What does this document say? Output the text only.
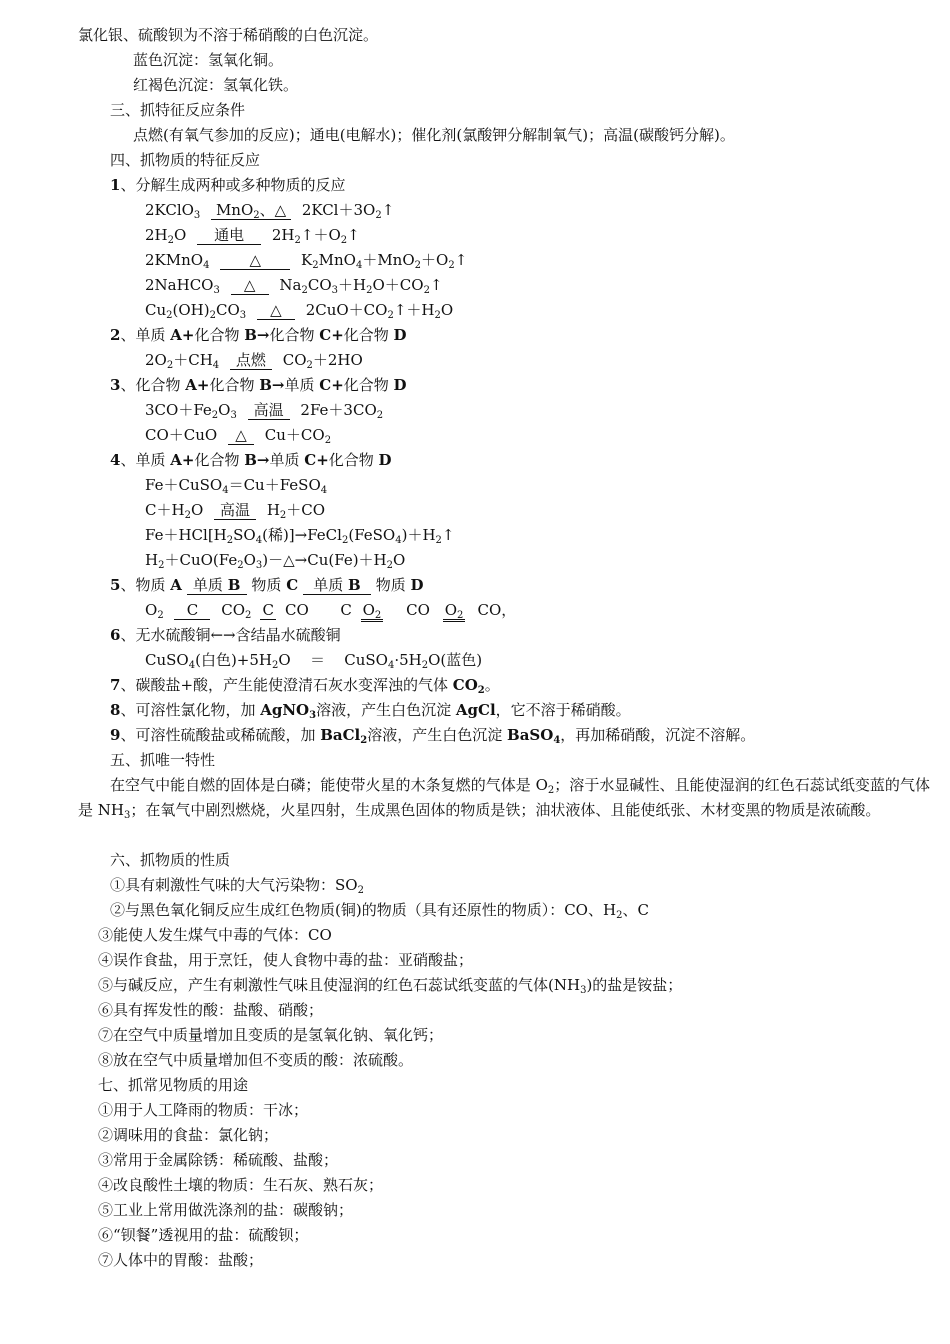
氯化银、硫酸钡为不溶于稀硝酸的白色沉淀。
蓝色沉淀：氢氧化铜。
红褐色沉淀：氢氧化铁。
三、抓特征反应条件
点燃(有氧气参加的反应)；通电(电解水)；催化剂(氯酸钾分解制氧气)；高温(碳酸钙分解)。
四、抓物质的特征反应
1、分解生成两种或多种物质的反应
2KClO$_3$ MnO$_2$、△ $2KCl+3O_2↑$
$2H_2O$ 通电 $2H_2↑+O_2↑$
2KMnO$_4$	△	$K_2MnO_4+MnO_2+O_2↑$
2NaHCO$_3$ △ $Na_2CO_3+H_2O+CO_2↑$
$Cu_2(OH)_2CO_3$ △ $2CuO+CO_2↑+H_2O$
2、单质 A+化合物 B→化合物 C+化合物 D
$2O_2+CH_4$ 点燃 $CO_2+2HO$
3、化合物 A+化合物 B→单质 C+化合物 D
$3CO+Fe_2O_3$ 高温 $2Fe+3CO_2$
CO＋CuO △ $Cu+CO_2$
4、单质 A+化合物 B→单质 C+化合物 D
Fe＋CuSO$_4$＝Cu＋FeSO$_4$
$C+H_2O$ 高温 $H_2+CO$
$Fe+HCl[H_2SO_4$(稀)]$\to FeCl_2(FeSO_4)+H_2↑$
$H_2+CuO(Fe_2O_3)-\triangle\to Cu(Fe)+H_2O$
5、物质 A 单质 B 物质 C 单质 B 物质 D
$O_2$ C $CO_2$ C CO C $O_2$ CO $O_2$ CO，
6、无水硫酸铜←→含结晶水硫酸铜
CuSO$_4$(白色)$+5H_2O$ ＝ $CuSO_4\cdot 5H_2O$(蓝色)
7、碳酸盐+酸，产生能使澄清石灰水变浑浊的气体 $CO_2$。
8、可溶性氯化物，加 AgNO$_3$溶液，产生白色沉淀 AgCl，它不溶于稀硝酸。
9、可溶性硫酸盐或稀硫酸，加 BaCl$_2$溶液，产生白色沉淀 BaSO$_4$，再加稀硝酸，沉淀不溶解。
五、抓唯一特性
在空气中能自燃的固体是白磷；能使带火星的木条复燃的气体是 $O_2$；溶于水显碱性、且能使湿润的红色石蕊试纸变蓝的气体是 $NH_3$；在氧气中剧烈燃烧，火星四射，生成黑色固体的物质是铁；油状液体、且能使纸张、木材变黑的物质是浓硫酸。
六、抓物质的性质
①具有刺激性气味的大气污染物：$SO_2$
②与黑色氧化铜反应生成红色物质(铜)的物质（具有还原性的物质）：CO、$H_2$、C
③能使人发生煤气中毒的气体：CO
④误作食盐，用于烹饪，使人食物中毒的盐：亚硝酸盐；
⑤与碱反应，产生有刺激性气味且使湿润的红色石蕊试纸变蓝的气体$(NH_3)$的盐是铵盐；
⑥具有挥发性的酸：盐酸、硝酸；
⑦在空气中质量增加且变质的是氢氧化钠、氧化钙；
⑧放在空气中质量增加但不变质的酸：浓硫酸。
七、抓常见物质的用途
①用于人工降雨的物质：干冰；
②调味用的食盐：氯化钠；
③常用于金属除锈：稀硫酸、盐酸；
④改良酸性土壤的物质：生石灰、熟石灰；
⑤工业上常用做洗涤剂的盐：碳酸钠；
⑥“钡餐”透视用的盐：硫酸钡；
⑦人体中的胃酸：盐酸；
